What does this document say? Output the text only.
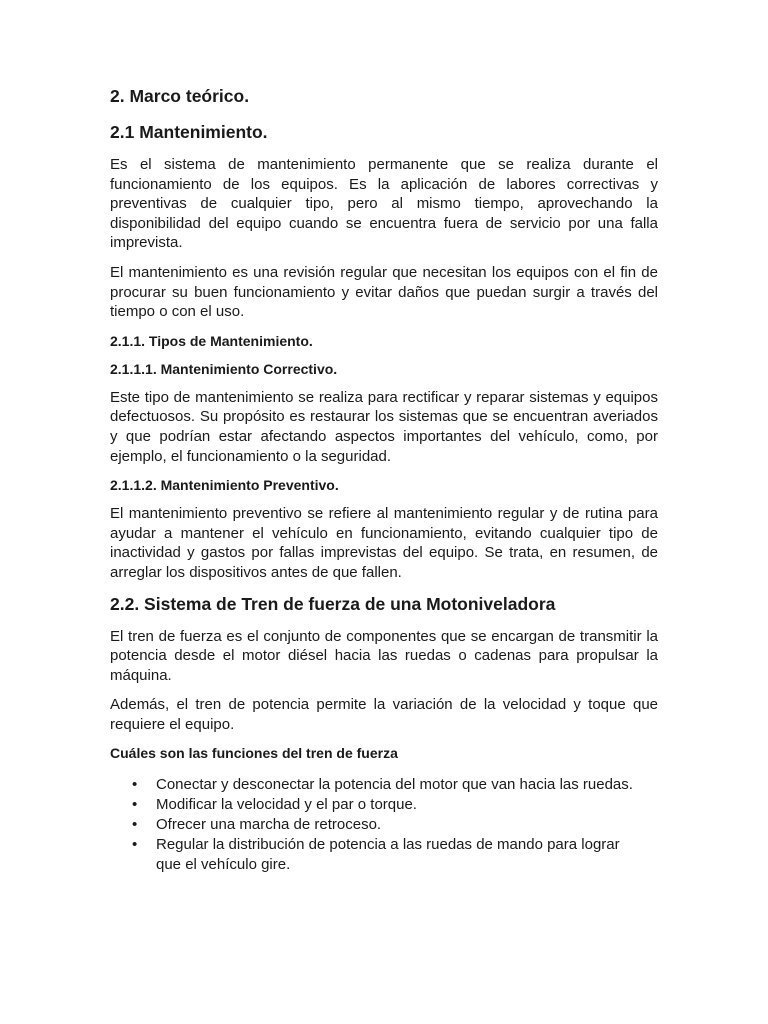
2. Marco teórico.
2.1 Mantenimiento.

Es el sistema de mantenimiento permanente que se realiza durante el funcionamiento de los equipos. Es la aplicación de labores correctivas y preventivas de cualquier tipo, pero al mismo tiempo, aprovechando la disponibilidad del equipo cuando se encuentra fuera de servicio por una falla imprevista.

El mantenimiento es una revisión regular que necesitan los equipos con el fin de procurar su buen funcionamiento y evitar daños que puedan surgir a través del tiempo o con el uso.

2.1.1. Tipos de Mantenimiento.
2.1.1.1. Mantenimiento Correctivo.

Este tipo de mantenimiento se realiza para rectificar y reparar sistemas y equipos defectuosos. Su propósito es restaurar los sistemas que se encuentran averiados y que podrían estar afectando aspectos importantes del vehículo, como, por ejemplo, el funcionamiento o la seguridad.

2.1.1.2. Mantenimiento Preventivo.

El mantenimiento preventivo se refiere al mantenimiento regular y de rutina para ayudar a mantener el vehículo en funcionamiento, evitando cualquier tipo de inactividad y gastos por fallas imprevistas del equipo. Se trata, en resumen, de arreglar los dispositivos antes de que fallen.

2.2. Sistema de Tren de fuerza de una Motoniveladora

El tren de fuerza es el conjunto de componentes que se encargan de transmitir la potencia desde el motor diésel hacia las ruedas o cadenas para propulsar la máquina.

Además, el tren de potencia permite la variación de la velocidad y toque que requiere el equipo.

Cuáles son las funciones del tren de fuerza
• Conectar y desconectar la potencia del motor que van hacia las ruedas.
• Modificar la velocidad y el par o torque.
• Ofrecer una marcha de retroceso.
• Regular la distribución de potencia a las ruedas de mando para lograr que el vehículo gire.
